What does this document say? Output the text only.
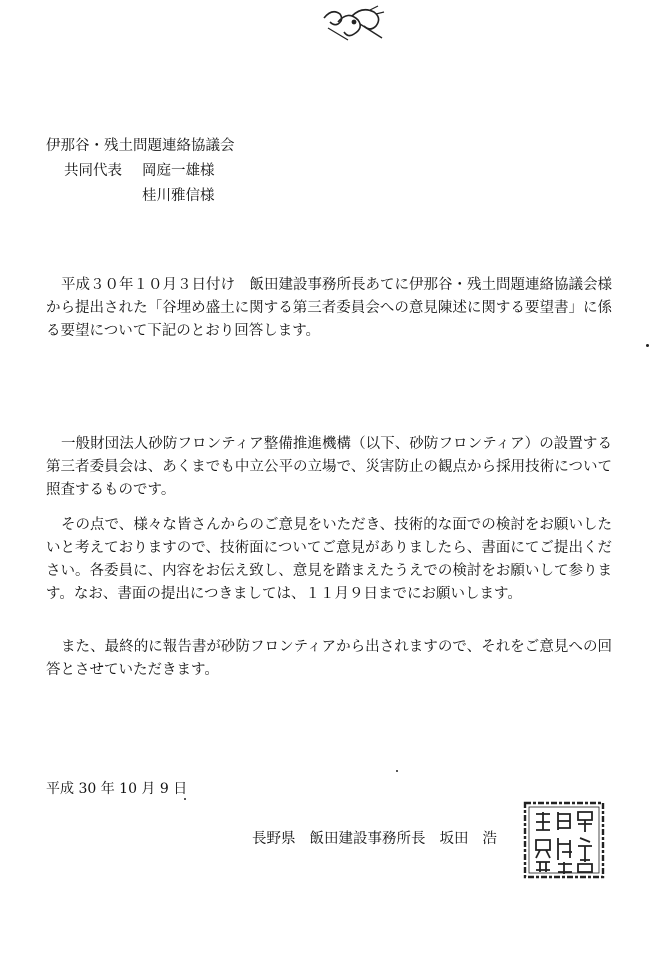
伊那谷・残土問題連絡協議会
共同代表 岡庭一雄様
桂川雅信様

平成３０年１０月３日付け　飯田建設事務所長あてに伊那谷・残土問題連絡協議会様から提出された「谷埋め盛土に関する第三者委員会への意見陳述に関する要望書」に係る要望について下記のとおり回答します。

一般財団法人砂防フロンティア整備推進機構（以下、砂防フロンティア）の設置する第三者委員会は、あくまでも中立公平の立場で、災害防止の観点から採用技術について照査するものです。

その点で、様々な皆さんからのご意見をいただき、技術的な面での検討をお願いしたいと考えておりますので、技術面についてご意見がありましたら、書面にてご提出ください。各委員に、内容をお伝え致し、意見を踏まえたうえでの検討をお願いして参ります。なお、書面の提出につきましては、１１月９日までにお願いします。

また、最終的に報告書が砂防フロンティアから出されますので、それをご意見への回答とさせていただきます。

平成 30 年 10 月 9 日
長野県 飯田建設事務所長 坂田 浩
